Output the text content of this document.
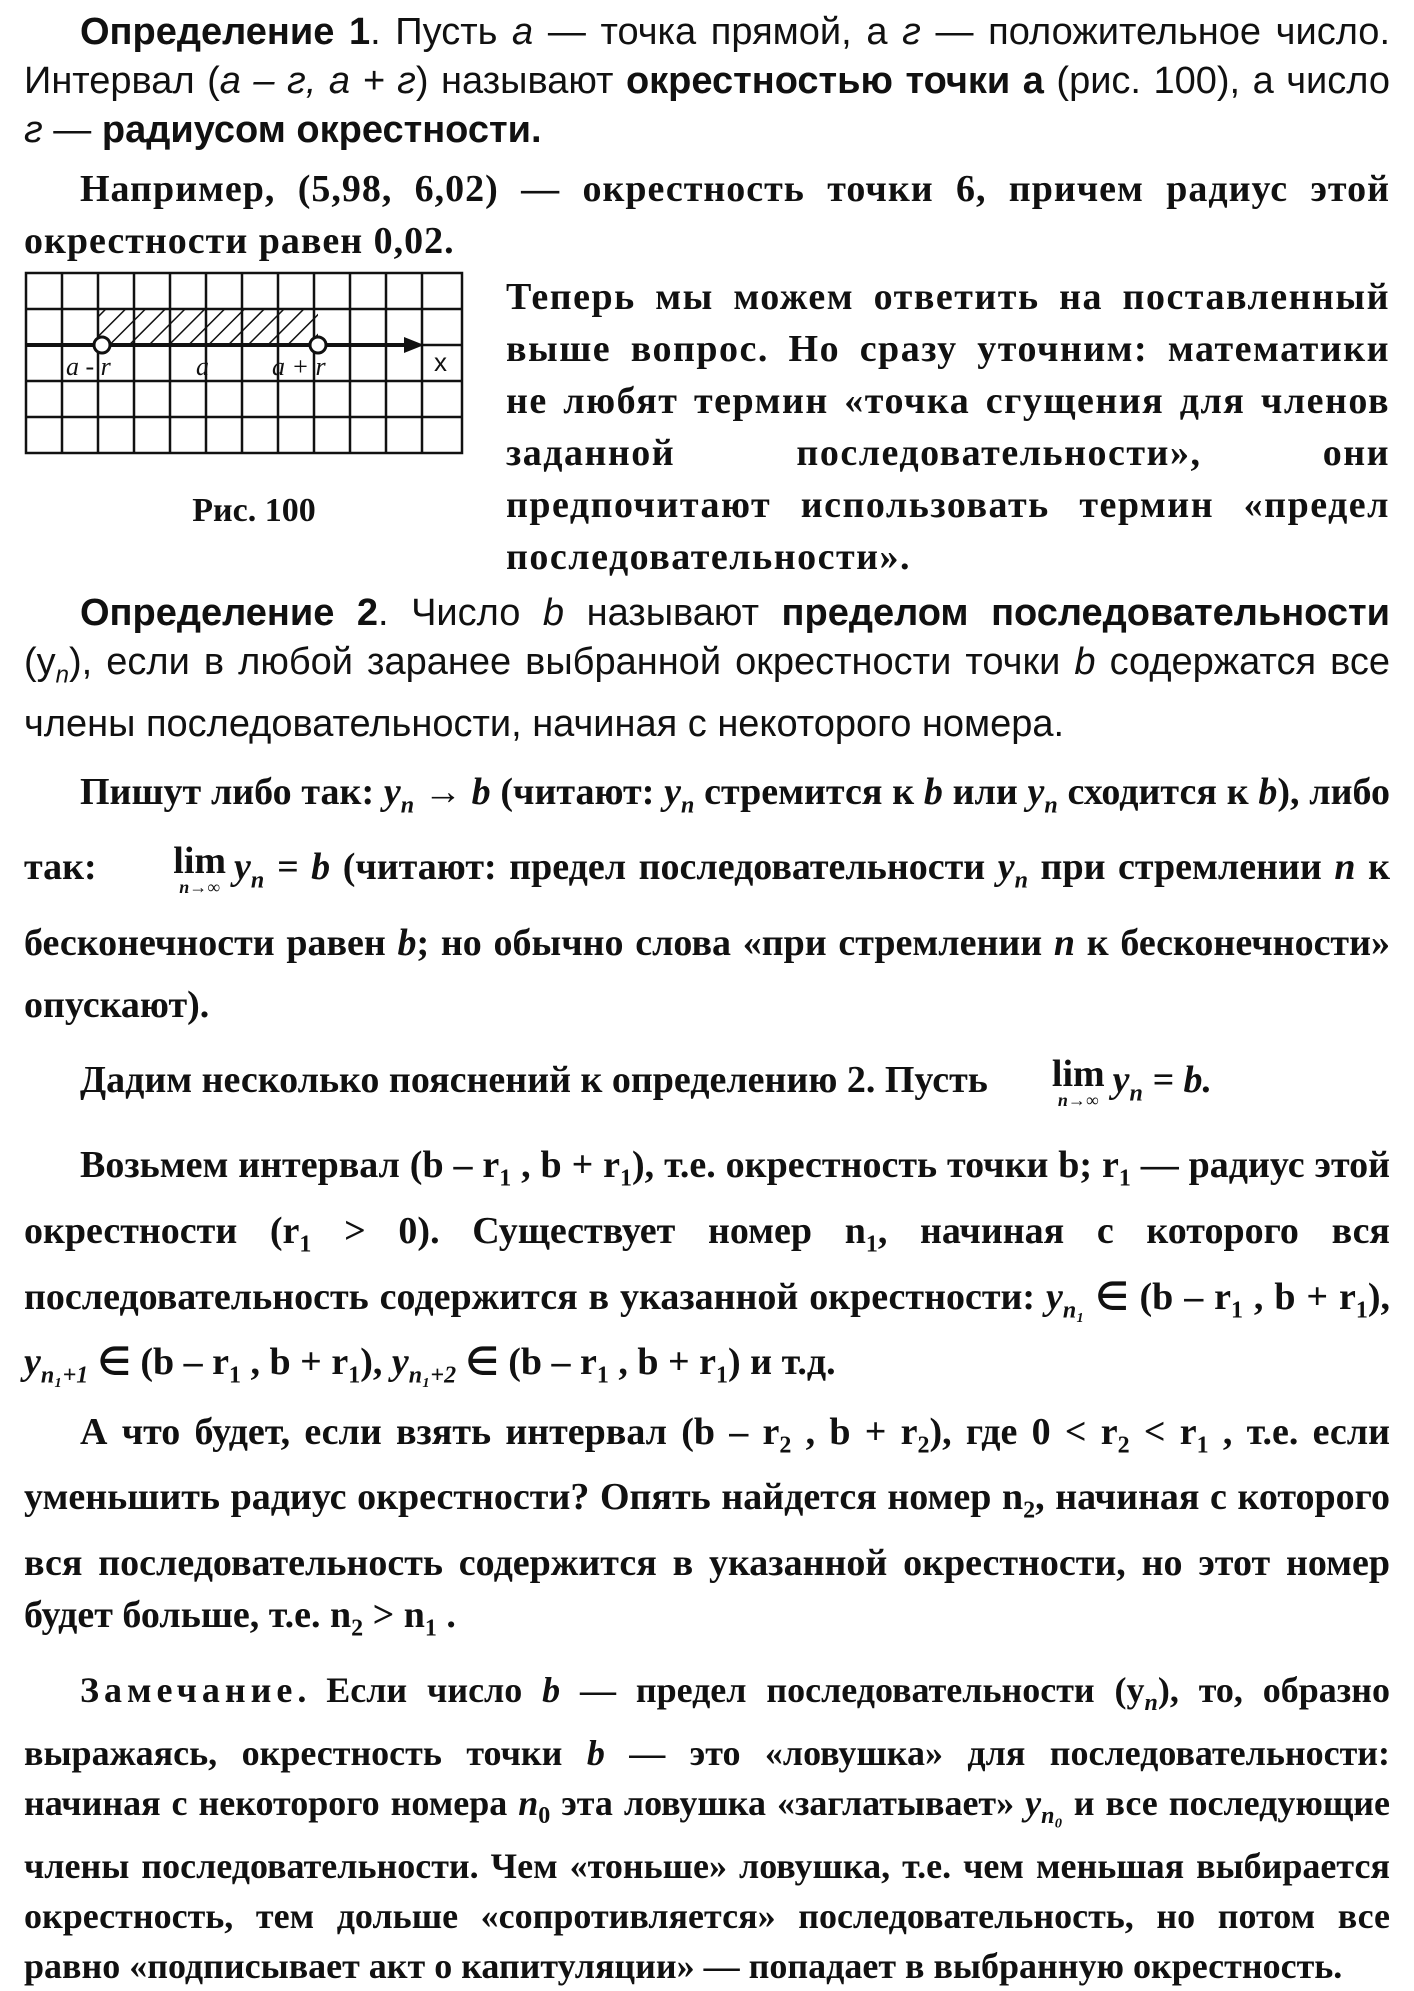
Определение 1. Пусть а — точка прямой, а г — положительное число. Интервал (а – г, а + г) называют окрестностью точки а (рис. 100), а число г — радиусом окрестности.

Например, (5,98, 6,02) — окрестность точки 6, причем радиус этой окрестности равен 0,02.

a - r	a a + r	x
Рис. 100

Теперь мы можем ответить на поставленный выше вопрос. Но сразу уточним: математики не любят термин «точка сгущения для членов заданной последовательности», они предпочитают использовать термин «предел последовательности».

Определение 2. Число b называют пределом последовательности $(y_n)$, если в любой заранее выбранной окрестности точки b содержатся все члены последовательности, начиная с некоторого номера.

Пишут либо так: $y_n \to b$ (читают: $y_n$ стремится к b или $y_n$ сходится к b), либо так:	lim
n→∞ $y_n = b$ (читают: предел последовательности $y_n$ при стремлении n к бесконечности равен b; но обычно слова «при стремлении n к бесконечности» опускают).

Дадим несколько пояснений к определению 2. Пусть	lim
n→∞ $y_n = b$.

Возьмем интервал ($b - r_1$ , $b + r_1$), т.е. окрестность точки b; $r_1$ — радиус этой окрестности $(r_1 > 0)$. Существует номер $n_1$, начиная с которого вся последовательность содержится в указанной окрестности: $y_{n_1}$ ∈ ($b - r_1$ , $b + r_1$), $y_{n_1+1}$ ∈ ($b - r_1$ , $b + r_1$), $y_{n_1+2}$ ∈ ($b - r_1$ , $b + r_1$) и т.д.

А что будет, если взять интервал ($b - r_2$ , $b + r_2$), где $0 < r_2 < r_1$ , т.е. если уменьшить радиус окрестности? Опять найдется номер $n_2$, начиная с которого вся последовательность содержится в указанной окрестности, но этот номер будет больше, т.е. $n_2 > n_1$ .

Замечание. Если число b — предел последовательности $(y_n)$, то, образно выражаясь, окрестность точки b — это «ловушка» для последовательности: начиная с некоторого номера $n_0$ эта ловушка «заглатывает» $y_{n_0}$ и все последующие члены последовательности. Чем «тоньше» ловушка, т.е. чем меньшая выбирается окрестность, тем дольше «сопротивляется» последовательность, но потом все равно «подписывает акт о капитуляции» — попадает в выбранную окрестность.
